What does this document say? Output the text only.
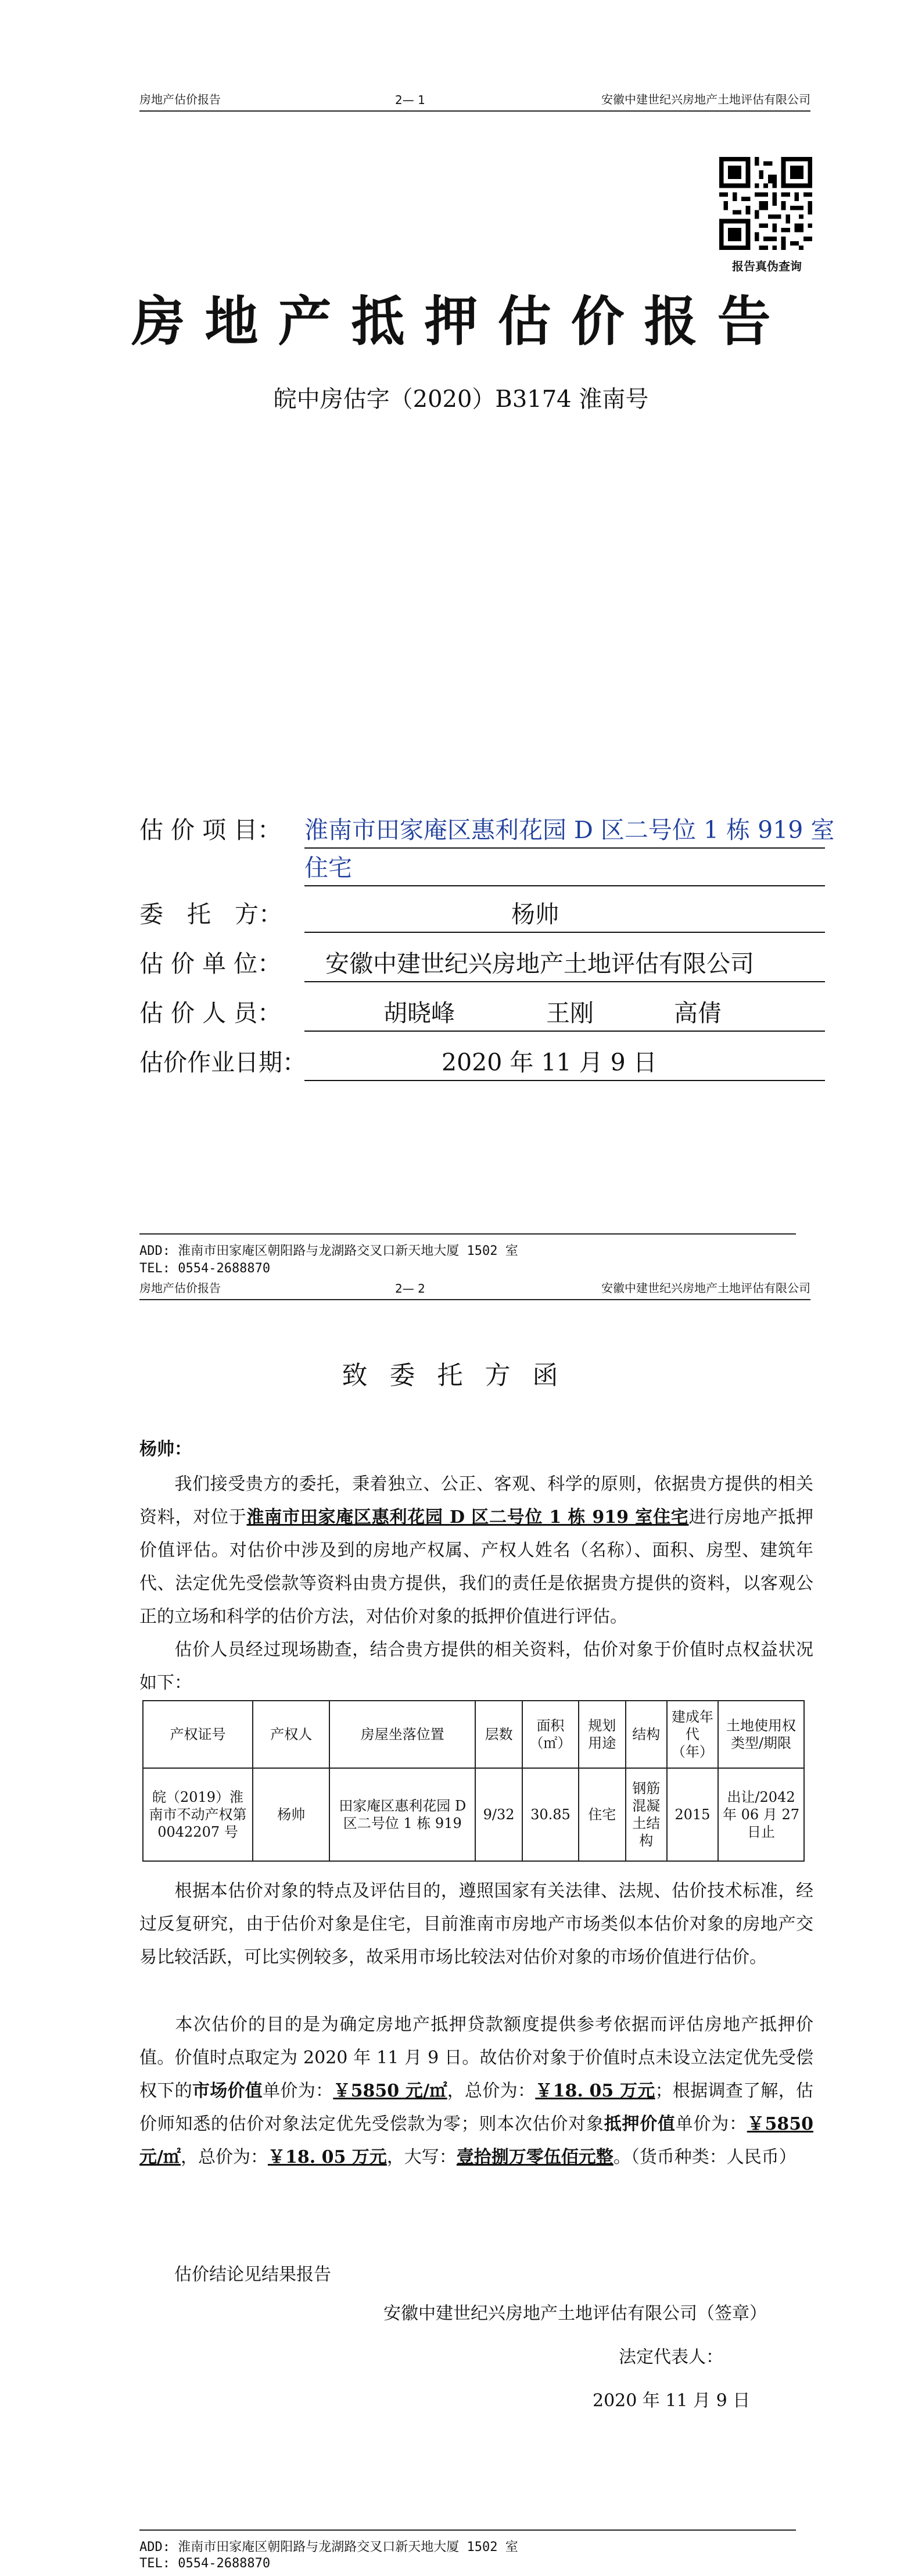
房地产估价报告	2— 1	安徽中建世纪兴房地产土地评估有限公司
报告真伪查询
房地产抵押估价报告
皖中房估字（2020）B3174 淮南号
估 价 项 目： 淮南市田家庵区惠利花园 D 区二号位 1 栋 919 室
住宅
委　托　方：	杨帅
估 价 单 位： 安徽中建世纪兴房地产土地评估有限公司
估 价 人 员：	胡晓峰	王刚	高倩
估价作业日期：	2020 年 11 月 9 日
ADD: 淮南市田家庵区朝阳路与龙湖路交叉口新天地大厦 1502 室
TEL: 0554-2688870
房地产估价报告	2— 2	安徽中建世纪兴房地产土地评估有限公司
致委托方函
杨帅：
我们接受贵方的委托，秉着独立、公正、客观、科学的原则，依据贵方提供的相关资料，对位于淮南市田家庵区惠利花园 D 区二号位 1 栋 919 室住宅进行房地产抵押价值评估。对估价中涉及到的房地产权属、产权人姓名（名称）、面积、房型、建筑年代、法定优先受偿款等资料由贵方提供，我们的责任是依据贵方提供的资料，以客观公正的立场和科学的估价方法，对估价对象的抵押价值进行评估。
估价人员经过现场勘查，结合贵方提供的相关资料，估价对象于价值时点权益状况如下：
产权证号	产权人	房屋坐落位置	层数	面积（㎡）	规划用途	结构	建成年代（年）	土地使用权类型/期限
皖（2019）淮南市不动产权第 0042207 号	杨帅	田家庵区惠利花园 D 区二号位 1 栋 919	9/32	30.85	住宅	钢筋混凝土结构	2015	出让/2042 年 06 月 27 日止
根据本估价对象的特点及评估目的，遵照国家有关法律、法规、估价技术标准，经过反复研究，由于估价对象是住宅，目前淮南市房地产市场类似本估价对象的房地产交易比较活跃，可比实例较多，故采用市场比较法对估价对象的市场价值进行估价。
本次估价的目的是为确定房地产抵押贷款额度提供参考依据而评估房地产抵押价值。价值时点取定为 2020 年 11 月 9 日。故估价对象于价值时点未设立法定优先受偿权下的市场价值单价为：￥5850 元/㎡，总价为：￥18. 05 万元；根据调查了解，估价师知悉的估价对象法定优先受偿款为零；则本次估价对象抵押价值单价为：￥5850 元/㎡，总价为：￥18. 05 万元，大写：壹拾捌万零伍佰元整。（货币种类：人民币）
估价结论见结果报告
安徽中建世纪兴房地产土地评估有限公司（签章）
法定代表人：
2020 年 11 月 9 日
ADD: 淮南市田家庵区朝阳路与龙湖路交叉口新天地大厦 1502 室
TEL: 0554-2688870
